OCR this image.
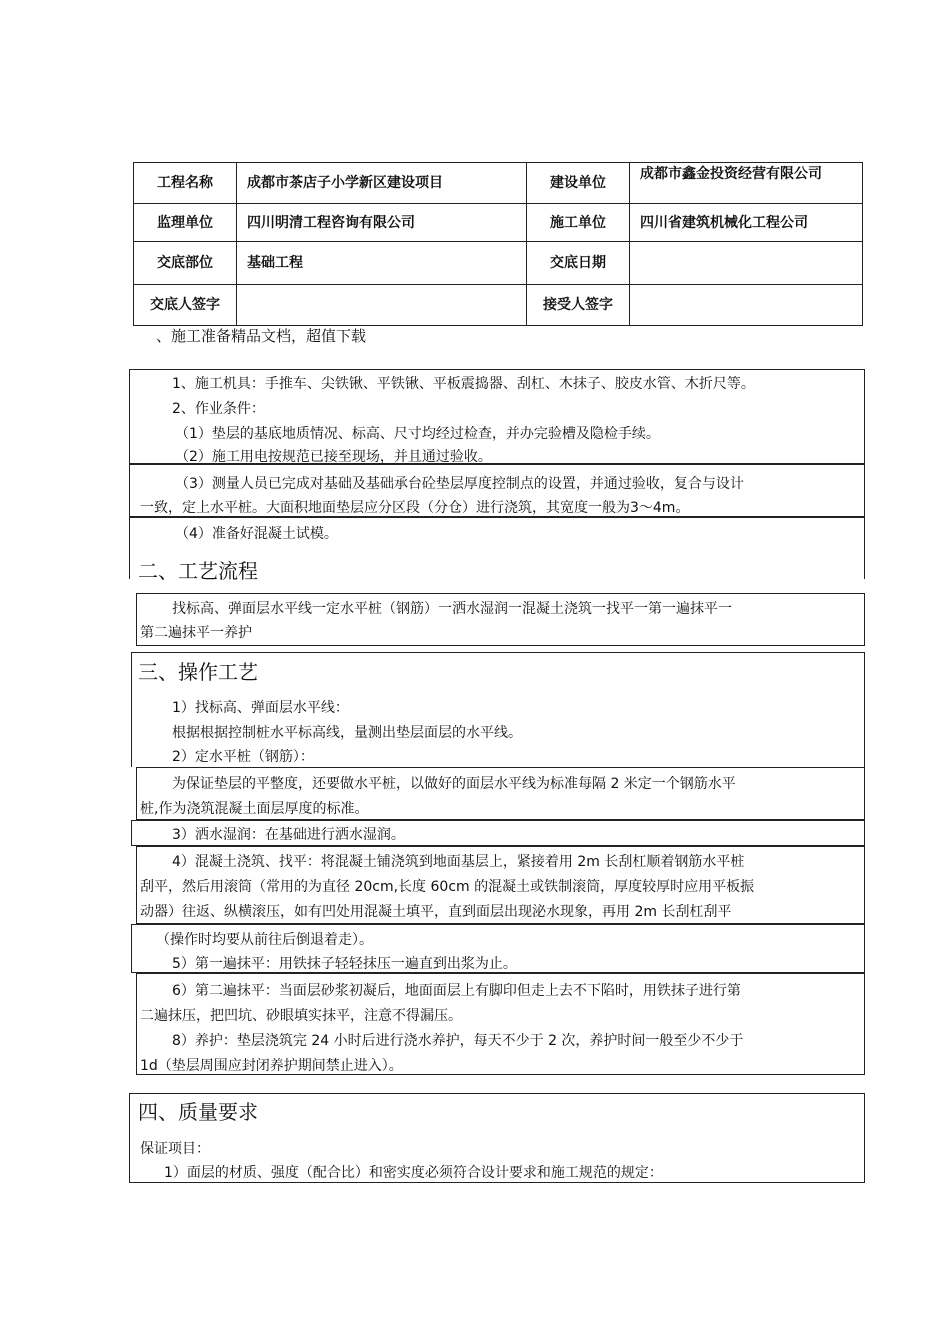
工程名称	成都市茶店子小学新区建设项目	建设单位	成都市鑫金投资经营有限公司
监理单位	四川明清工程咨询有限公司	施工单位	四川省建筑机械化工程公司
交底部位	基础工程	交底日期	
交底人签字		接受人签字	
、施工准备精品文档，超值下载
1、施工机具：手推车、尖铁锹、平铁锹、平板震捣器、刮杠、木抹子、胶皮水管、木折尺等。
2、作业条件：
（1）垫层的基底地质情况、标高、尺寸均经过检查，并办完验槽及隐检手续。
（2）施工用电按规范已接至现场，并且通过验收。
（3）测量人员已完成对基础及基础承台砼垫层厚度控制点的设置，并通过验收，复合与设计
一致，定上水平桩。大面积地面垫层应分区段（分仓）进行浇筑，其宽度一般为3～4m。
（4）准备好混凝土试模。
二、工艺流程
找标高、弹面层水平线一定水平桩（钢筋）一洒水湿润一混凝土浇筑一找平一第一遍抹平一
第二遍抹平一养护
三、操作工艺
1）找标高、弹面层水平线：
根据根据控制桩水平标高线，量测出垫层面层的水平线。
2）定水平桩（钢筋）：
为保证垫层的平整度，还要做水平桩，以做好的面层水平线为标准每隔 2 米定一个钢筋水平
桩,作为浇筑混凝土面层厚度的标准。
3）洒水湿润：在基础进行洒水湿润。
4）混凝土浇筑、找平：将混凝土铺浇筑到地面基层上，紧接着用 2m 长刮杠顺着钢筋水平桩
刮平，然后用滚筒（常用的为直径 20cm,长度 60cm 的混凝土或铁制滚筒，厚度较厚时应用平板振
动器）往返、纵横滚压，如有凹处用混凝土填平，直到面层出现泌水现象，再用 2m 长刮杠刮平
（操作时均要从前往后倒退着走）。
5）第一遍抹平：用铁抹子轻轻抹压一遍直到出浆为止。
6）第二遍抹平：当面层砂浆初凝后，地面面层上有脚印但走上去不下陷时，用铁抹子进行第
二遍抹压，把凹坑、砂眼填实抹平，注意不得漏压。
8）养护：垫层浇筑完 24 小时后进行浇水养护，每天不少于 2 次，养护时间一般至少不少于
1d（垫层周围应封闭养护期间禁止进入）。
四、质量要求
保证项目：
1）面层的材质、强度（配合比）和密实度必须符合设计要求和施工规范的规定：
